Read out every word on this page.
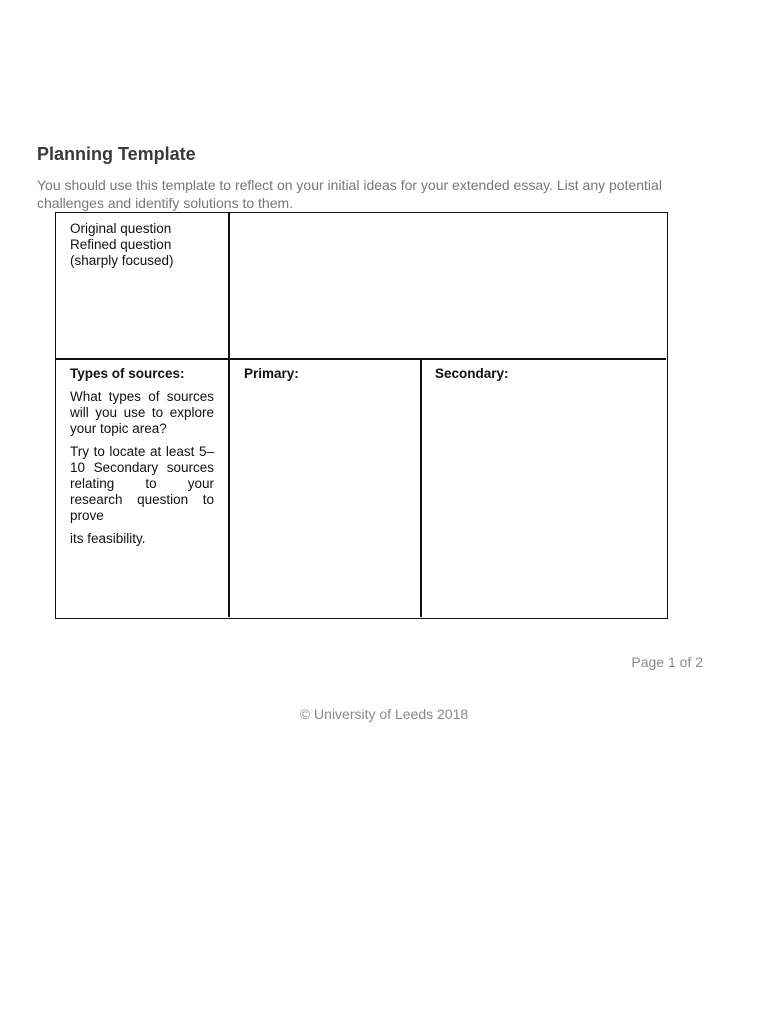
Planning Template

You should use this template to reflect on your initial ideas for your extended essay. List any potential challenges and identify solutions to them.

Original question

Refined question

(sharply focused)

Types of sources:

What types of sources will you use to explore your topic area?

Try to locate at least 5–10 Secondary sources relating to your research question to prove

its feasibility.

Primary:	Secondary:

Page 1 of 2
© University of Leeds 2018
